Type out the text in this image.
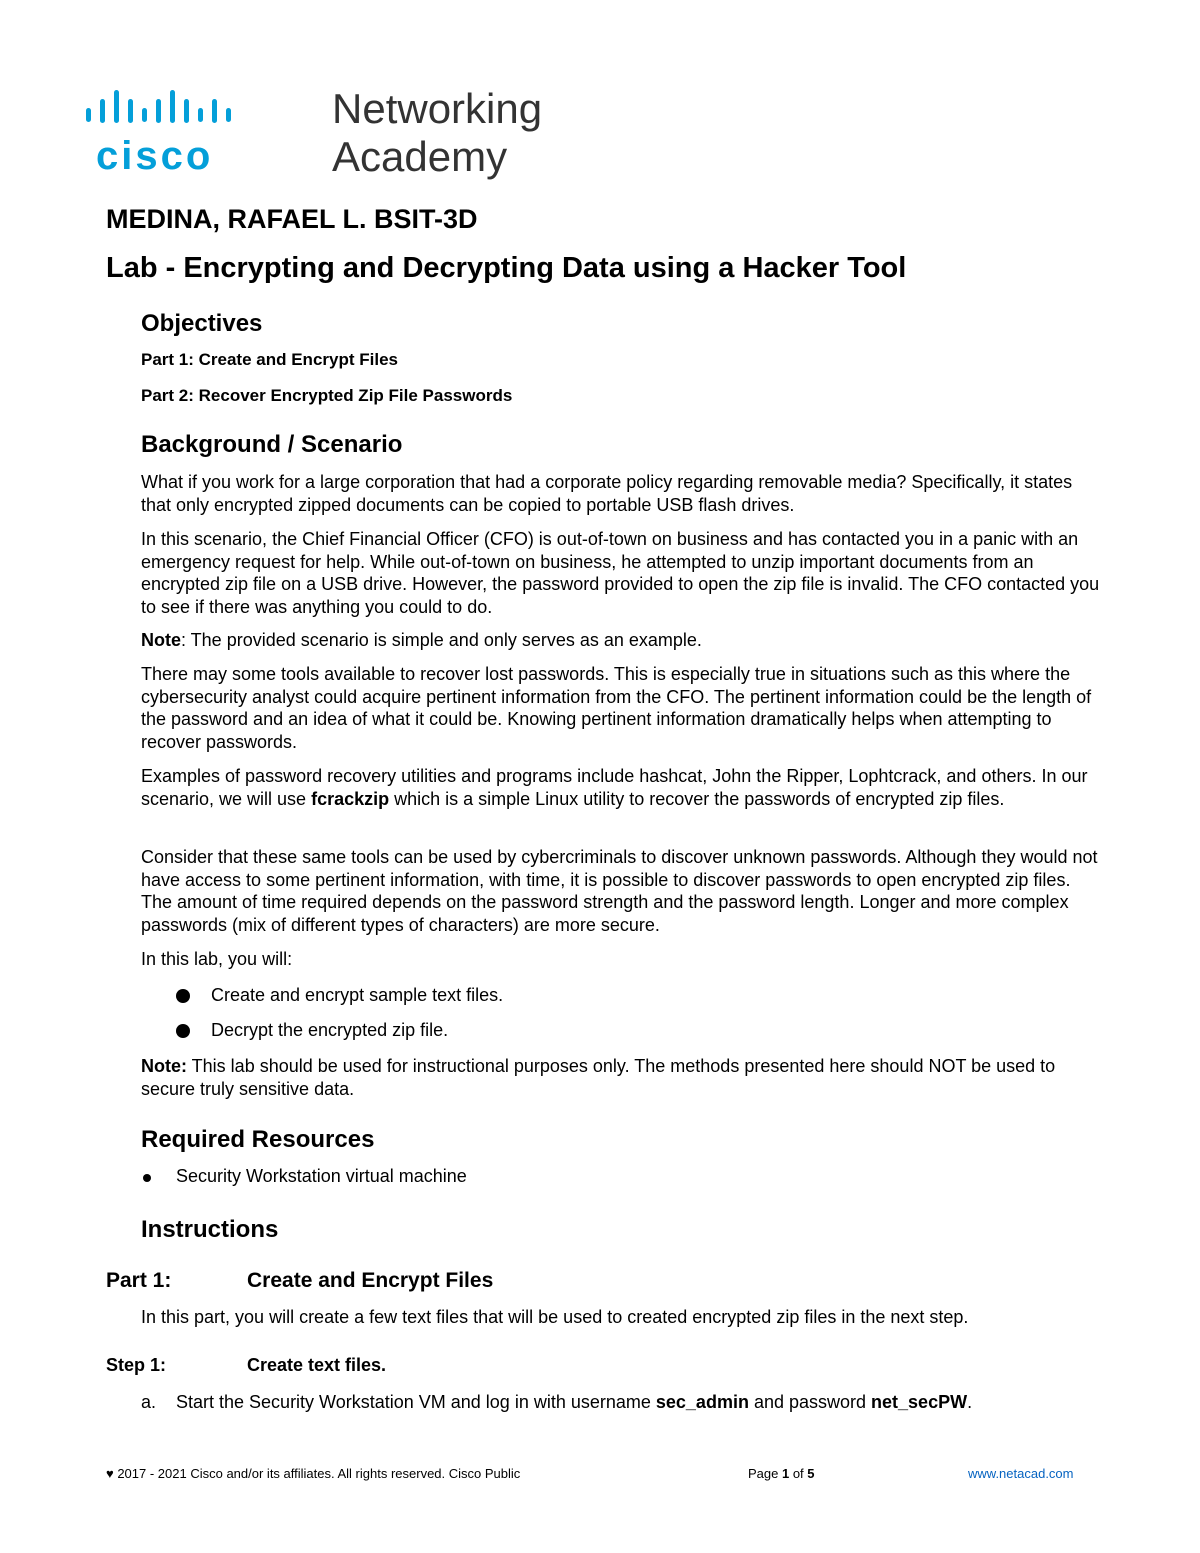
cisco
Networking
Academy
MEDINA, RAFAEL L. BSIT-3D
Lab - Encrypting and Decrypting Data using a Hacker Tool
Objectives
Part 1: Create and Encrypt Files
Part 2: Recover Encrypted Zip File Passwords
Background / Scenario
What if you work for a large corporation that had a corporate policy regarding removable media? Specifically, it states that only encrypted zipped documents can be copied to portable USB flash drives.
In this scenario, the Chief Financial Officer (CFO) is out-of-town on business and has contacted you in a panic with an emergency request for help. While out-of-town on business, he attempted to unzip important documents from an encrypted zip file on a USB drive. However, the password provided to open the zip file is invalid. The CFO contacted you to see if there was anything you could to do.
Note: The provided scenario is simple and only serves as an example.
There may some tools available to recover lost passwords. This is especially true in situations such as this where the cybersecurity analyst could acquire pertinent information from the CFO. The pertinent information could be the length of the password and an idea of what it could be. Knowing pertinent information dramatically helps when attempting to recover passwords.
Examples of password recovery utilities and programs include hashcat, John the Ripper, Lophtcrack, and others. In our scenario, we will use fcrackzip which is a simple Linux utility to recover the passwords of encrypted zip files.
Consider that these same tools can be used by cybercriminals to discover unknown passwords. Although they would not have access to some pertinent information, with time, it is possible to discover passwords to open encrypted zip files. The amount of time required depends on the password strength and the password length. Longer and more complex passwords (mix of different types of characters) are more secure.
In this lab, you will:
Create and encrypt sample text files.
Decrypt the encrypted zip file.
Note: This lab should be used for instructional purposes only. The methods presented here should NOT be used to secure truly sensitive data.
Required Resources
Security Workstation virtual machine
Instructions
Part 1:	Create and Encrypt Files
In this part, you will create a few text files that will be used to created encrypted zip files in the next step.
Step 1:	Create text files.
a. Start the Security Workstation VM and log in with username sec_admin and password net_secPW.
♥ 2017 - 2021 Cisco and/or its affiliates. All rights reserved. Cisco Public	Page 1 of 5	www.netacad.com
